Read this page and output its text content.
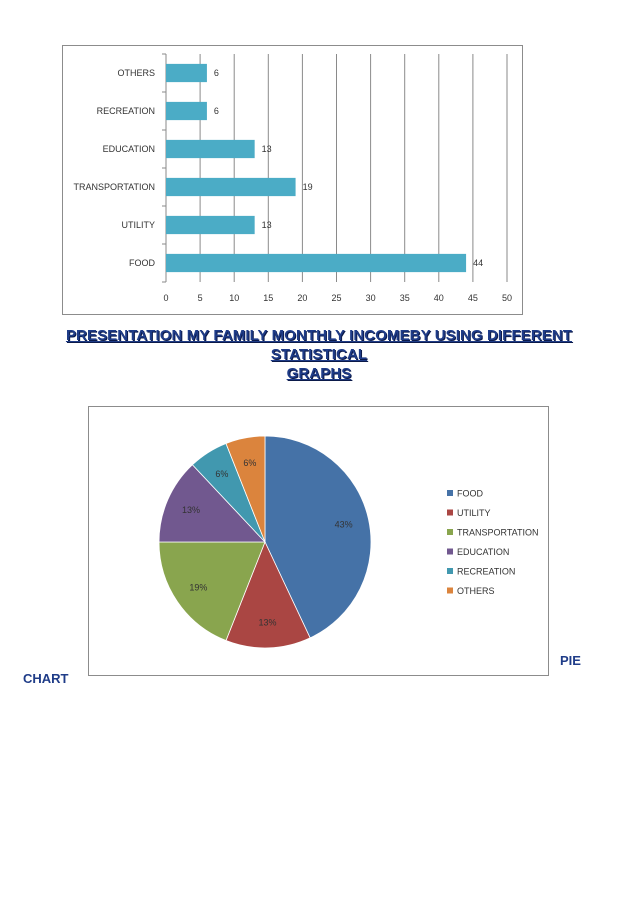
0	5	10	15	20	25	30	35	40	45	50
FOOD	44
UTILITY	13
TRANSPORTATION	19
EDUCATION	13
RECREATION	6
OTHERS	6
PRESENTATION MY FAMILY MONTHLY INCOMEBY USING DIFFERENT STATISTICAL
GRAPHS
43%
13%
19%
13%
6%
6%
FOOD
UTILITY
TRANSPORTATION
EDUCATION
RECREATION
OTHERS
PIE
CHART
